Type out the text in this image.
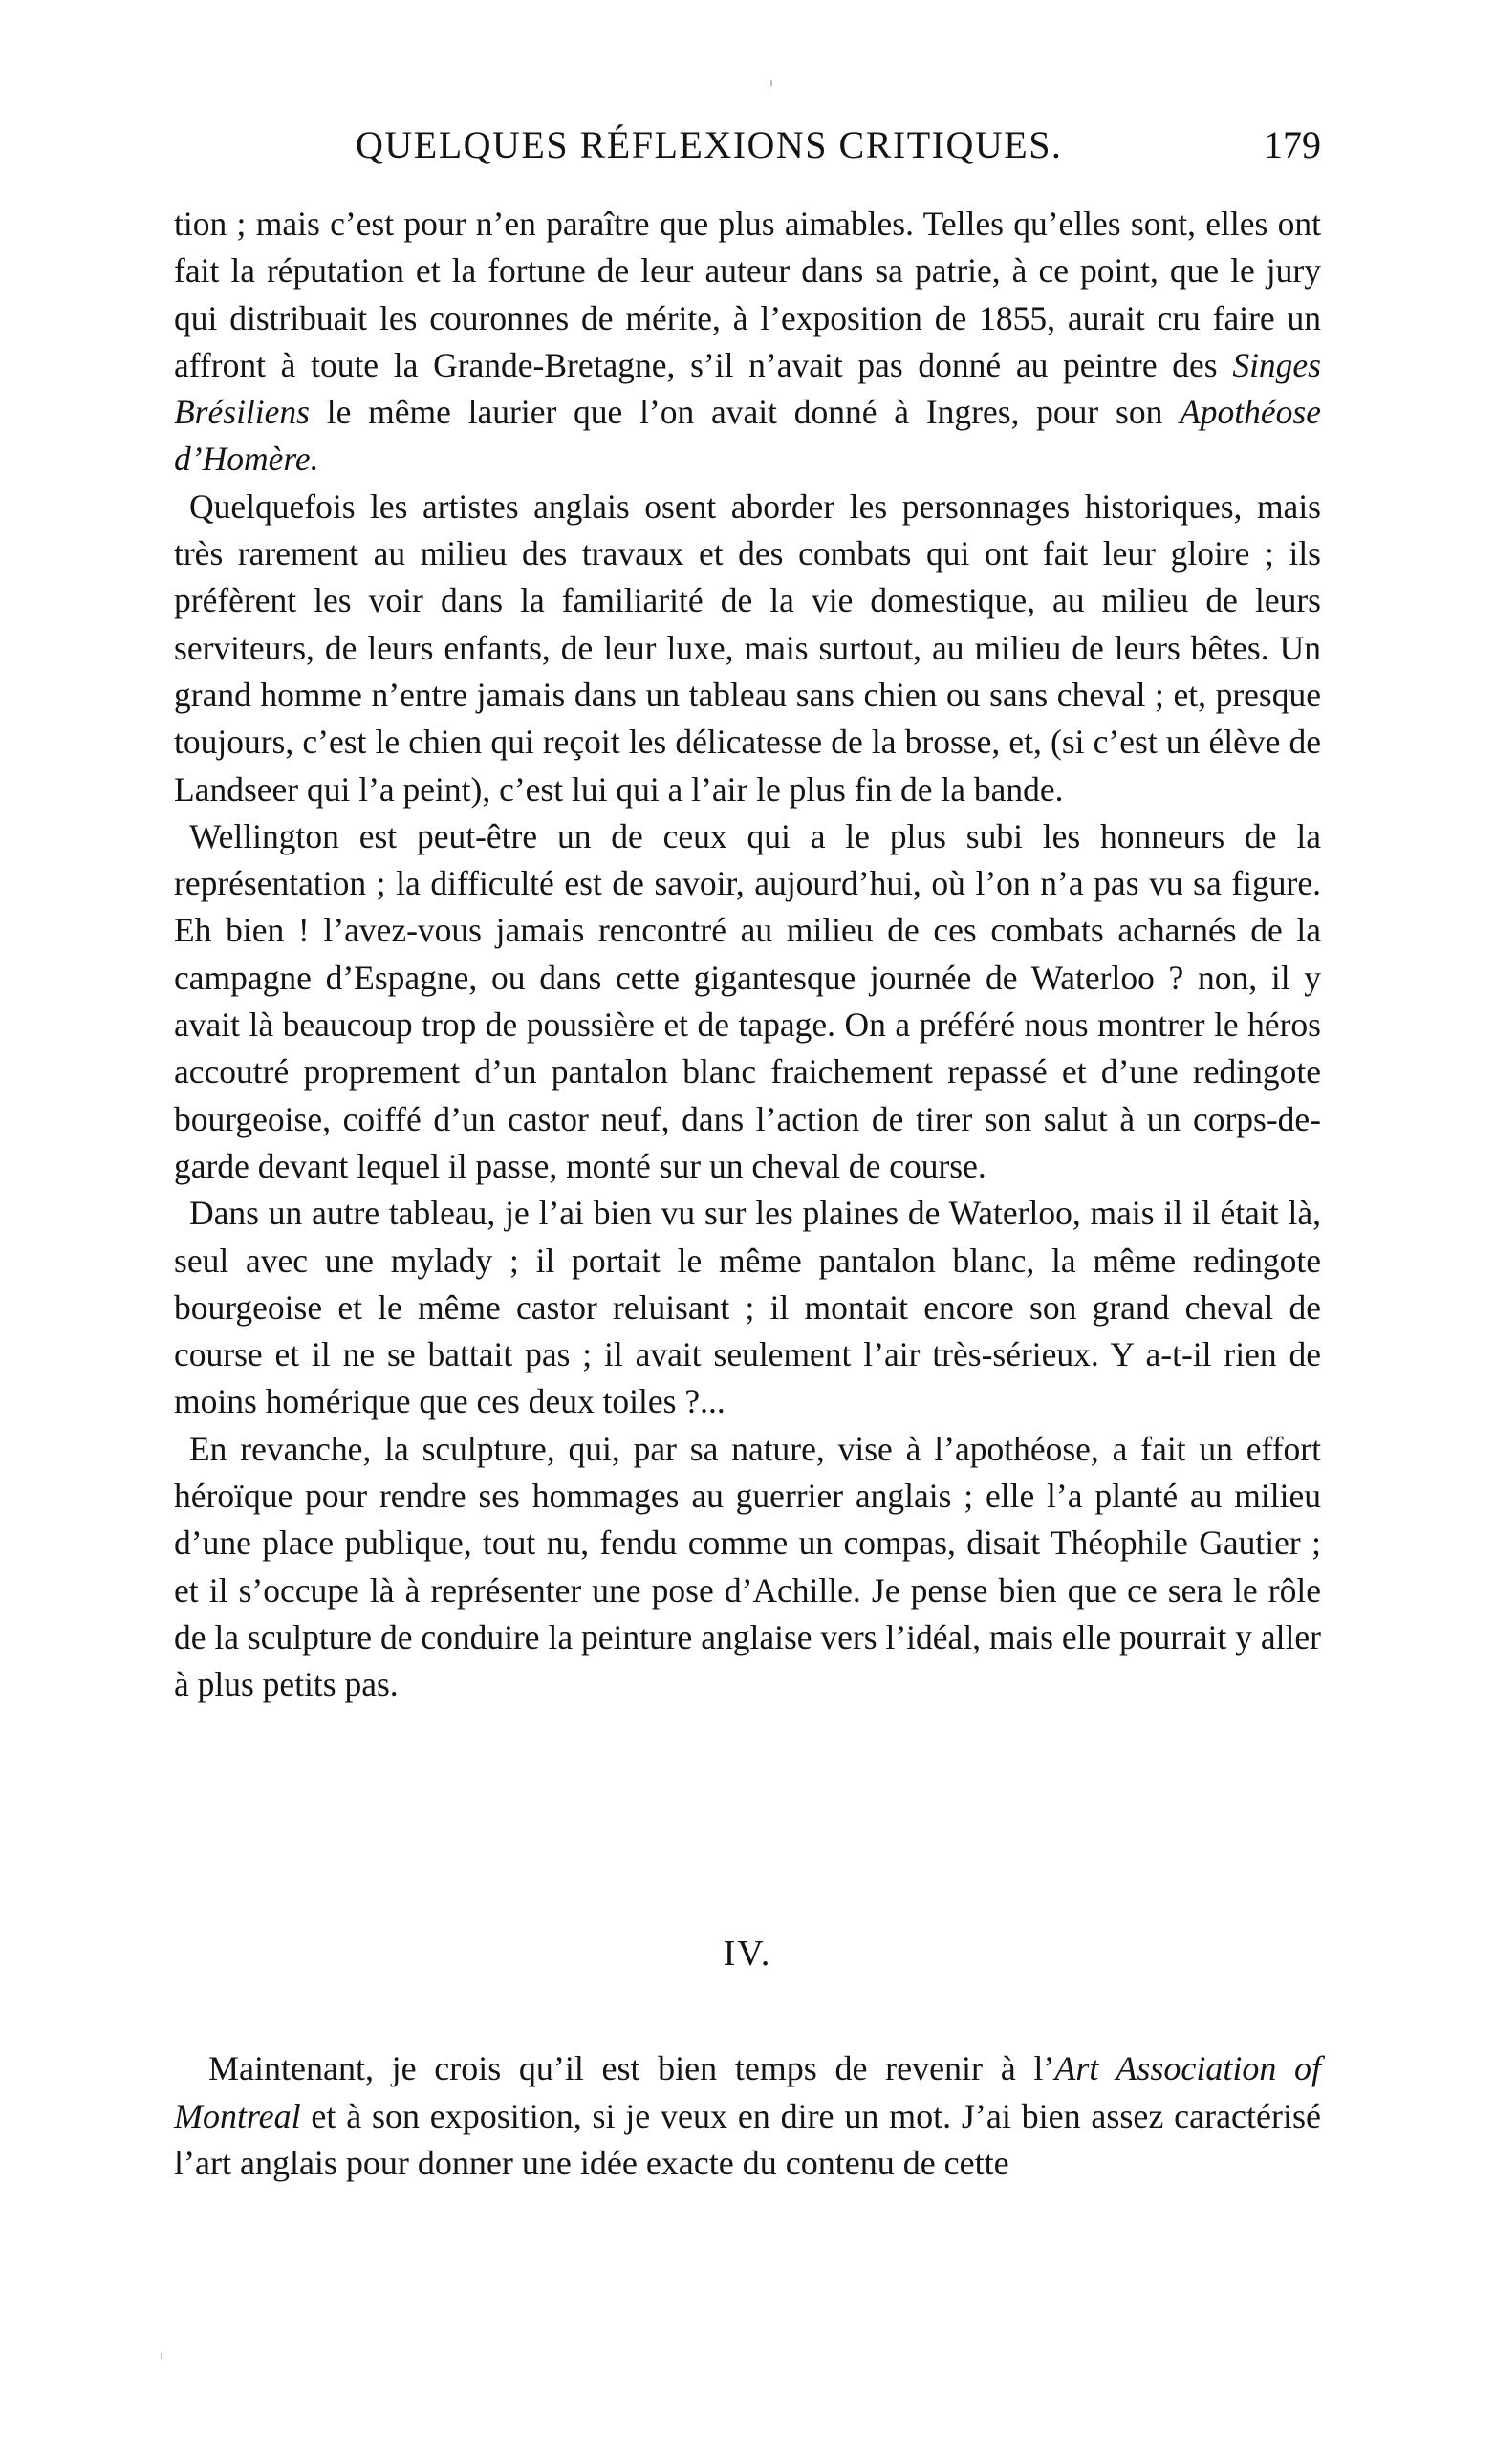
QUELQUES RÉFLEXIONS CRITIQUES.	179

tion ; mais c’est pour n’en paraître que plus aimables. Telles qu’elles sont, elles ont fait la réputation et la fortune de leur auteur dans sa patrie, à ce point, que le jury qui distribuait les couronnes de mérite, à l’exposition de 1855, aurait cru faire un affront à toute la Grande-Bretagne, s’il n’avait pas donné au peintre des Singes Brésiliens le même laurier que l’on avait donné à Ingres, pour son Apothéose d’Homère.

Quelquefois les artistes anglais osent aborder les personnages historiques, mais très rarement au milieu des travaux et des combats qui ont fait leur gloire ; ils préfèrent les voir dans la familiarité de la vie domestique, au milieu de leurs serviteurs, de leurs enfants, de leur luxe, mais surtout, au milieu de leurs bêtes. Un grand homme n’entre jamais dans un tableau sans chien ou sans cheval ; et, presque toujours, c’est le chien qui reçoit les délicatesse de la brosse, et, (si c’est un élève de Landseer qui l’a peint), c’est lui qui a l’air le plus fin de la bande.

Wellington est peut-être un de ceux qui a le plus subi les honneurs de la représentation ; la difficulté est de savoir, aujourd’hui, où l’on n’a pas vu sa figure. Eh bien ! l’avez-vous jamais rencontré au milieu de ces combats acharnés de la campagne d’Espagne, ou dans cette gigantesque journée de Waterloo ? non, il y avait là beaucoup trop de poussière et de tapage. On a préféré nous montrer le héros accoutré proprement d’un pantalon blanc fraichement repassé et d’une redingote bourgeoise, coiffé d’un castor neuf, dans l’action de tirer son salut à un corps-de-garde devant lequel il passe, monté sur un cheval de course.

Dans un autre tableau, je l’ai bien vu sur les plaines de Waterloo, mais il il était là, seul avec une mylady ; il portait le même pantalon blanc, la même redingote bourgeoise et le même castor reluisant ; il montait encore son grand cheval de course et il ne se battait pas ; il avait seulement l’air très-sérieux. Y a-t-il rien de moins homérique que ces deux toiles ?...

En revanche, la sculpture, qui, par sa nature, vise à l’apothéose, a fait un effort héroïque pour rendre ses hommages au guerrier anglais ; elle l’a planté au milieu d’une place publique, tout nu, fendu comme un compas, disait Théophile Gautier ; et il s’occupe là à représenter une pose d’Achille. Je pense bien que ce sera le rôle de la sculpture de conduire la peinture anglaise vers l’idéal, mais elle pourrait y aller à plus petits pas.

IV.

Maintenant, je crois qu’il est bien temps de revenir à l’Art Association of Montreal et à son exposition, si je veux en dire un mot. J’ai bien assez caractérisé l’art anglais pour donner une idée exacte du contenu de cette
